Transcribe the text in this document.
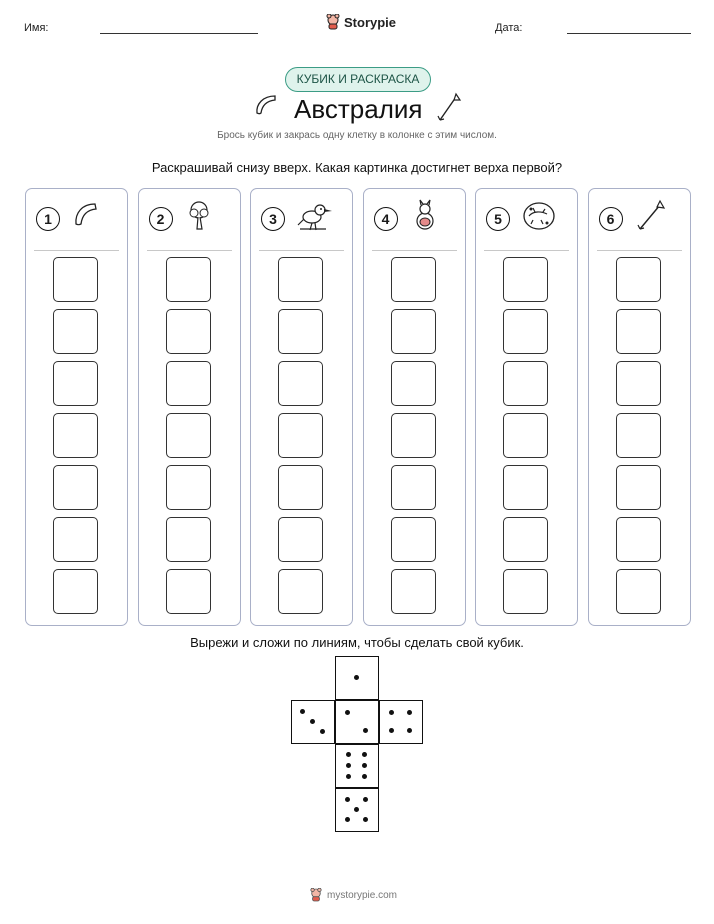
Имя:	Storypie	Дата:
КУБИК И РАСКРАСКА
Австралия
Брось кубик и закрась одну клетку в колонке с этим числом.
Раскрашивай снизу вверх. Какая картинка достигнет верха первой?
1	2	3	4	5	6
Вырежи и сложи по линиям, чтобы сделать свой кубик.
mystorypie.com
